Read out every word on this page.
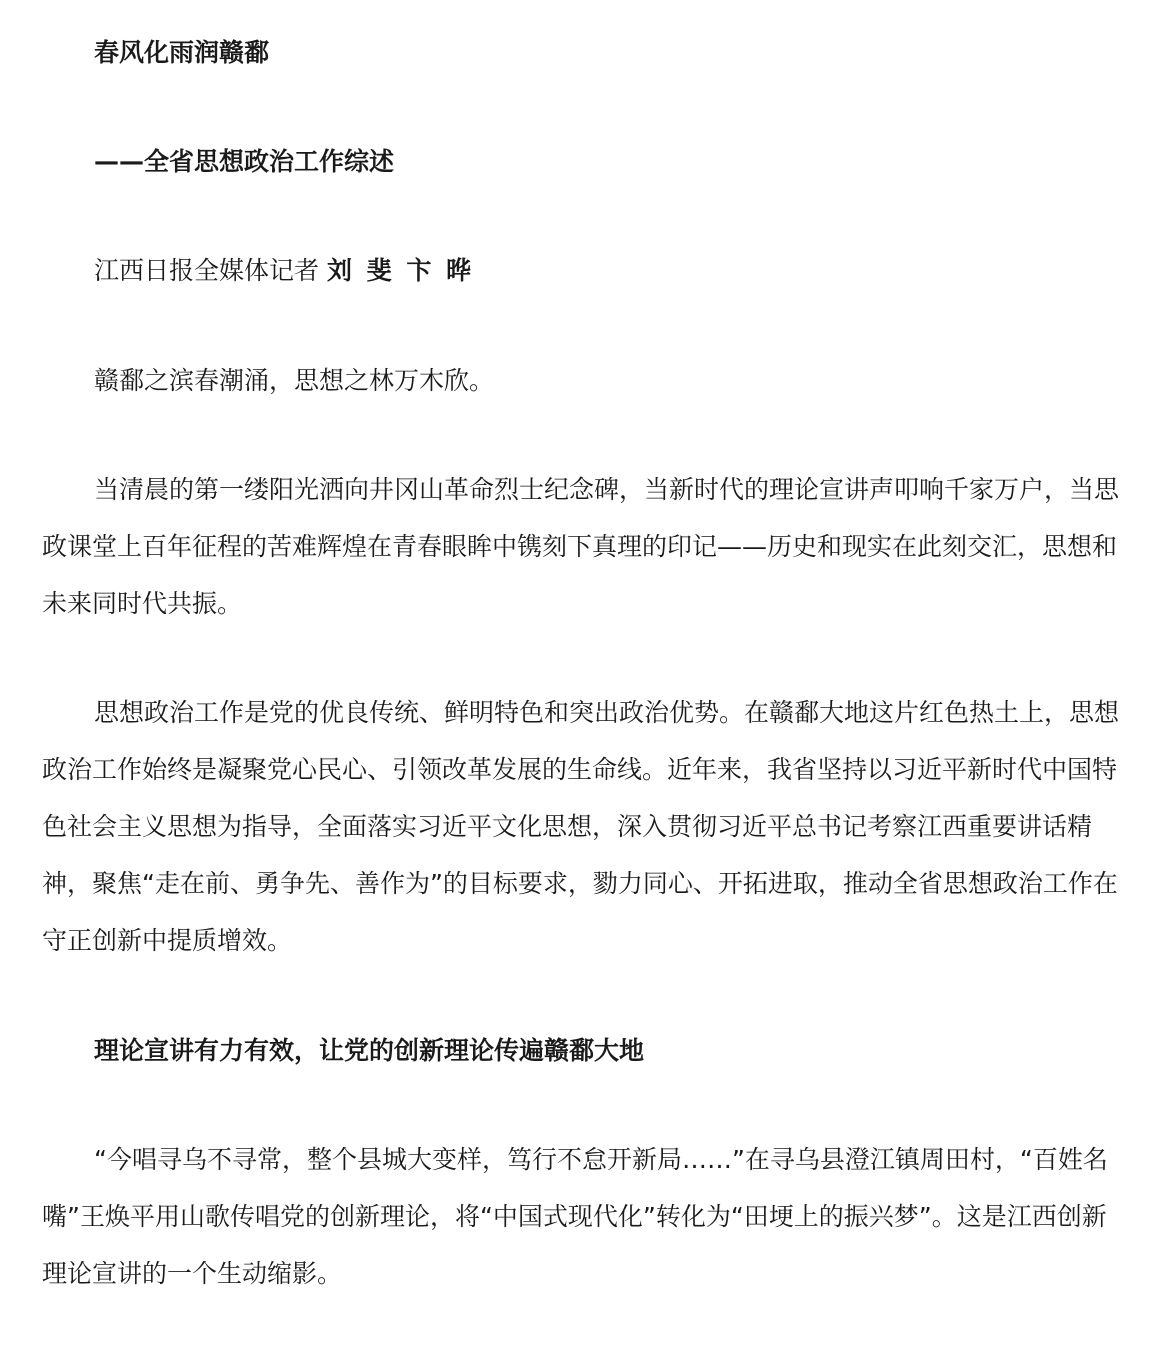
春风化雨润赣鄱

——全省思想政治工作综述

江西日报全媒体记者 刘 斐 卞 晔

赣鄱之滨春潮涌，思想之林万木欣。

当清晨的第一缕阳光洒向井冈山革命烈士纪念碑，当新时代的理论宣讲声叩响千家万户，当思政课堂上百年征程的苦难辉煌在青春眼眸中镌刻下真理的印记——历史和现实在此刻交汇，思想和未来同时代共振。

思想政治工作是党的优良传统、鲜明特色和突出政治优势。在赣鄱大地这片红色热土上，思想政治工作始终是凝聚党心民心、引领改革发展的生命线。近年来，我省坚持以习近平新时代中国特色社会主义思想为指导，全面落实习近平文化思想，深入贯彻习近平总书记考察江西重要讲话精神，聚焦“走在前、勇争先、善作为”的目标要求，勠力同心、开拓进取，推动全省思想政治工作在守正创新中提质增效。

理论宣讲有力有效，让党的创新理论传遍赣鄱大地

“今唱寻乌不寻常，整个县城大变样，笃行不怠开新局……”在寻乌县澄江镇周田村，“百姓名嘴”王焕平用山歌传唱党的创新理论，将“中国式现代化”转化为“田埂上的振兴梦”。这是江西创新理论宣讲的一个生动缩影。
